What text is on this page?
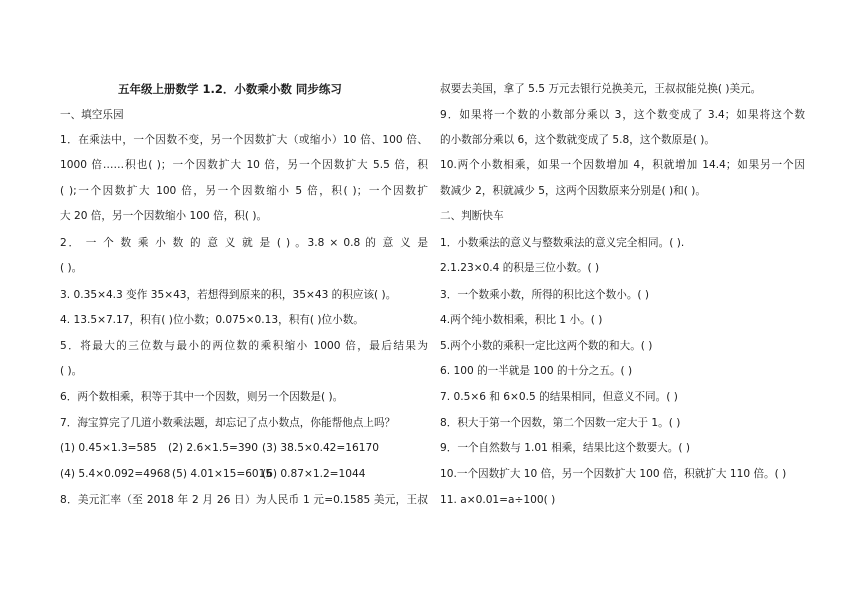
五年级上册数学 1.2．小数乘小数 同步练习
一、填空乐园
1．在乘法中，一个因数不变，另一个因数扩大（或缩小）10 倍、100 倍、
1000 倍……积也( )；一个因数扩大 10 倍，另一个因数扩大 5.5 倍，积
( );一个因数扩大 100 倍，另一个因数缩小 5 倍，积( )；一个因数扩
大 20 倍，另一个因数缩小 100 倍，积( )。
2． 一 个 数 乘 小 数 的 意 义 就 是 ( ) 。3.8 × 0.8 的 意 义 是
( )。
3. 0.35×4.3 变作 35×43，若想得到原来的积，35×43 的积应该( )。
4. 13.5×7.17，积有( )位小数；0.075×0.13，积有( )位小数。
5．将最大的三位数与最小的两位数的乘积缩小 1000 倍，最后结果为
( )。
6．两个数相乘，积等于其中一个因数，则另一个因数是( )。
7．海宝算完了几道小数乘法题，却忘记了点小数点，你能帮他点上吗？
(1) 0.45×1.3=585 (2) 2.6×1.5=390 (3) 38.5×0.42=16170
(4) 5.4×0.092=4968 (5) 4.01×15=6015
(6) 0.87×1.2=1044
8．美元汇率（至 2018 年 2 月 26 日）为人民币 1 元=0.1585 美元，王叔
叔要去美国，拿了 5.5 万元去银行兑换美元，王叔叔能兑换( )美元。
9．如果将一个数的小数部分乘以 3，这个数变成了 3.4；如果将这个数
的小数部分乘以 6，这个数就变成了 5.8，这个数原是( )。
10.两个小数相乘，如果一个因数增加 4，积就增加 14.4；如果另一个因
数减少 2，积就减少 5，这两个因数原来分别是( )和( )。
二、判断快车
1．小数乘法的意义与整数乘法的意义完全相同。( ).
2.1.23×0.4 的积是三位小数。( )
3．一个数乘小数，所得的积比这个数小。( )
4.两个纯小数相乘，积比 1 小。( )
5.两个小数的乘积一定比这两个数的和大。( )
6. 100 的一半就是 100 的十分之五。( )
7. 0.5×6 和 6×0.5 的结果相同，但意义不同。( )
8．积大于第一个因数，第二个因数一定大于 1。( )
9．一个自然数与 1.01 相乘，结果比这个数要大。( )
10.一个因数扩大 10 倍，另一个因数扩大 100 倍，积就扩大 110 倍。( )
11. a×0.01=a÷100( )
